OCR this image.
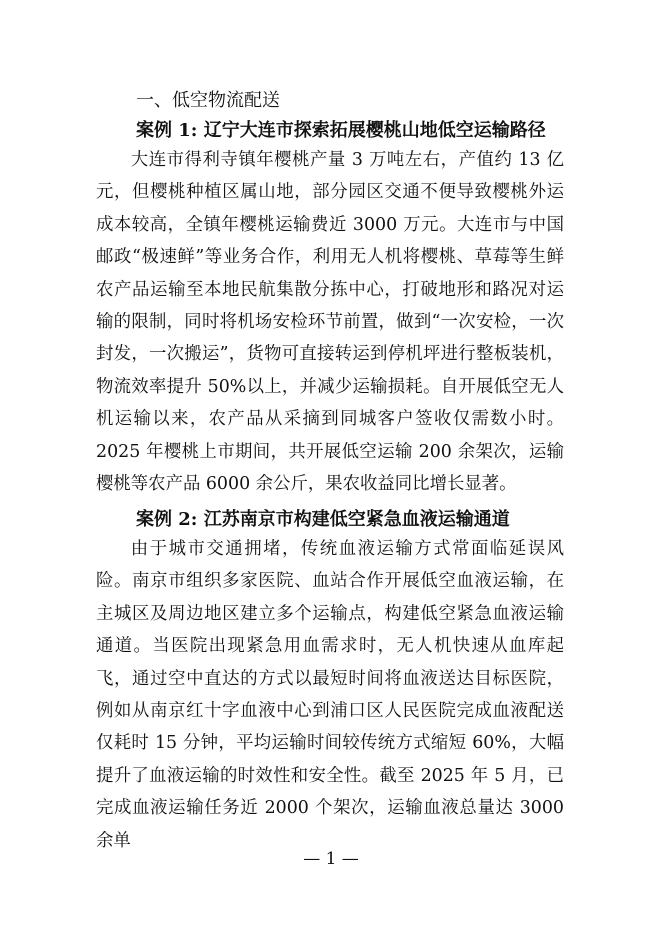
一、低空物流配送
案例 1: 辽宁大连市探索拓展樱桃山地低空运输路径

大连市得利寺镇年樱桃产量 3 万吨左右，产值约 13 亿元，但樱桃种植区属山地，部分园区交通不便导致樱桃外运成本较高，全镇年樱桃运输费近 3000 万元。大连市与中国邮政“极速鲜”等业务合作，利用无人机将樱桃、草莓等生鲜农产品运输至本地民航集散分拣中心，打破地形和路况对运输的限制，同时将机场安检环节前置，做到“一次安检，一次封发，一次搬运”，货物可直接转运到停机坪进行整板装机，物流效率提升 50%以上，并减少运输损耗。自开展低空无人机运输以来，农产品从采摘到同城客户签收仅需数小时。2025 年樱桃上市期间，共开展低空运输 200 余架次，运输樱桃等农产品 6000 余公斤，果农收益同比增长显著。

案例 2: 江苏南京市构建低空紧急血液运输通道

由于城市交通拥堵，传统血液运输方式常面临延误风险。南京市组织多家医院、血站合作开展低空血液运输，在主城区及周边地区建立多个运输点，构建低空紧急血液运输通道。当医院出现紧急用血需求时，无人机快速从血库起飞，通过空中直达的方式以最短时间将血液送达目标医院，例如从南京红十字血液中心到浦口区人民医院完成血液配送仅耗时 15 分钟，平均运输时间较传统方式缩短 60%，大幅提升了血液运输的时效性和安全性。截至 2025 年 5 月，已完成血液运输任务近 2000 个架次，运输血液总量达 3000 余单

— 1 —
